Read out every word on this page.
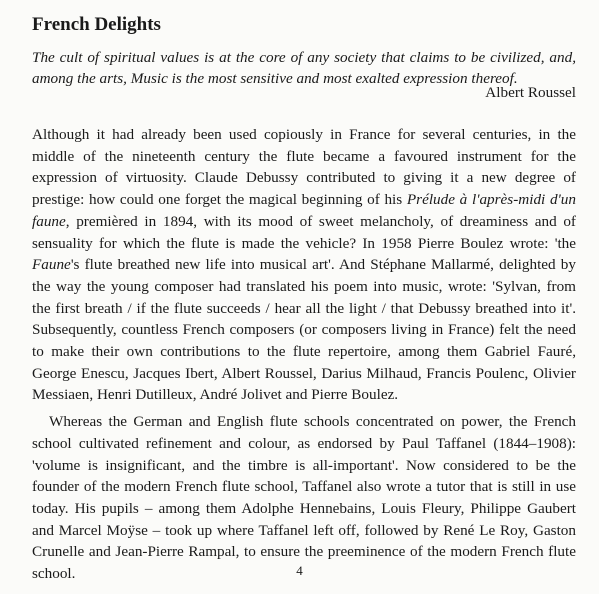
French Delights
The cult of spiritual values is at the core of any society that claims to be civilized, and, among the arts, Music is the most sensitive and most exalted expression thereof.
Albert Roussel

Although it had already been used copiously in France for several centuries, in the middle of the nineteenth century the flute became a favoured instrument for the expression of virtuosity. Claude Debussy contributed to giving it a new degree of prestige: how could one forget the magical beginning of his Prélude à l'après-midi d'un faune, premièred in 1894, with its mood of sweet melancholy, of dreaminess and of sensuality for which the flute is made the vehicle? In 1958 Pierre Boulez wrote: 'the Faune's flute breathed new life into musical art'. And Stéphane Mallarmé, delighted by the way the young composer had translated his poem into music, wrote: 'Sylvan, from the first breath / if the flute succeeds / hear all the light / that Debussy breathed into it'. Subsequently, countless French composers (or composers living in France) felt the need to make their own contributions to the flute repertoire, among them Gabriel Fauré, George Enescu, Jacques Ibert, Albert Roussel, Darius Milhaud, Francis Poulenc, Olivier Messiaen, Henri Dutilleux, André Jolivet and Pierre Boulez.

Whereas the German and English flute schools concentrated on power, the French school cultivated refinement and colour, as endorsed by Paul Taffanel (1844–1908): 'volume is insignificant, and the timbre is all-important'. Now considered to be the founder of the modern French flute school, Taffanel also wrote a tutor that is still in use today. His pupils – among them Adolphe Hennebains, Louis Fleury, Philippe Gaubert and Marcel Moÿse – took up where Taffanel left off, followed by René Le Roy, Gaston Crunelle and Jean-Pierre Rampal, to ensure the preeminence of the modern French flute school.	4
